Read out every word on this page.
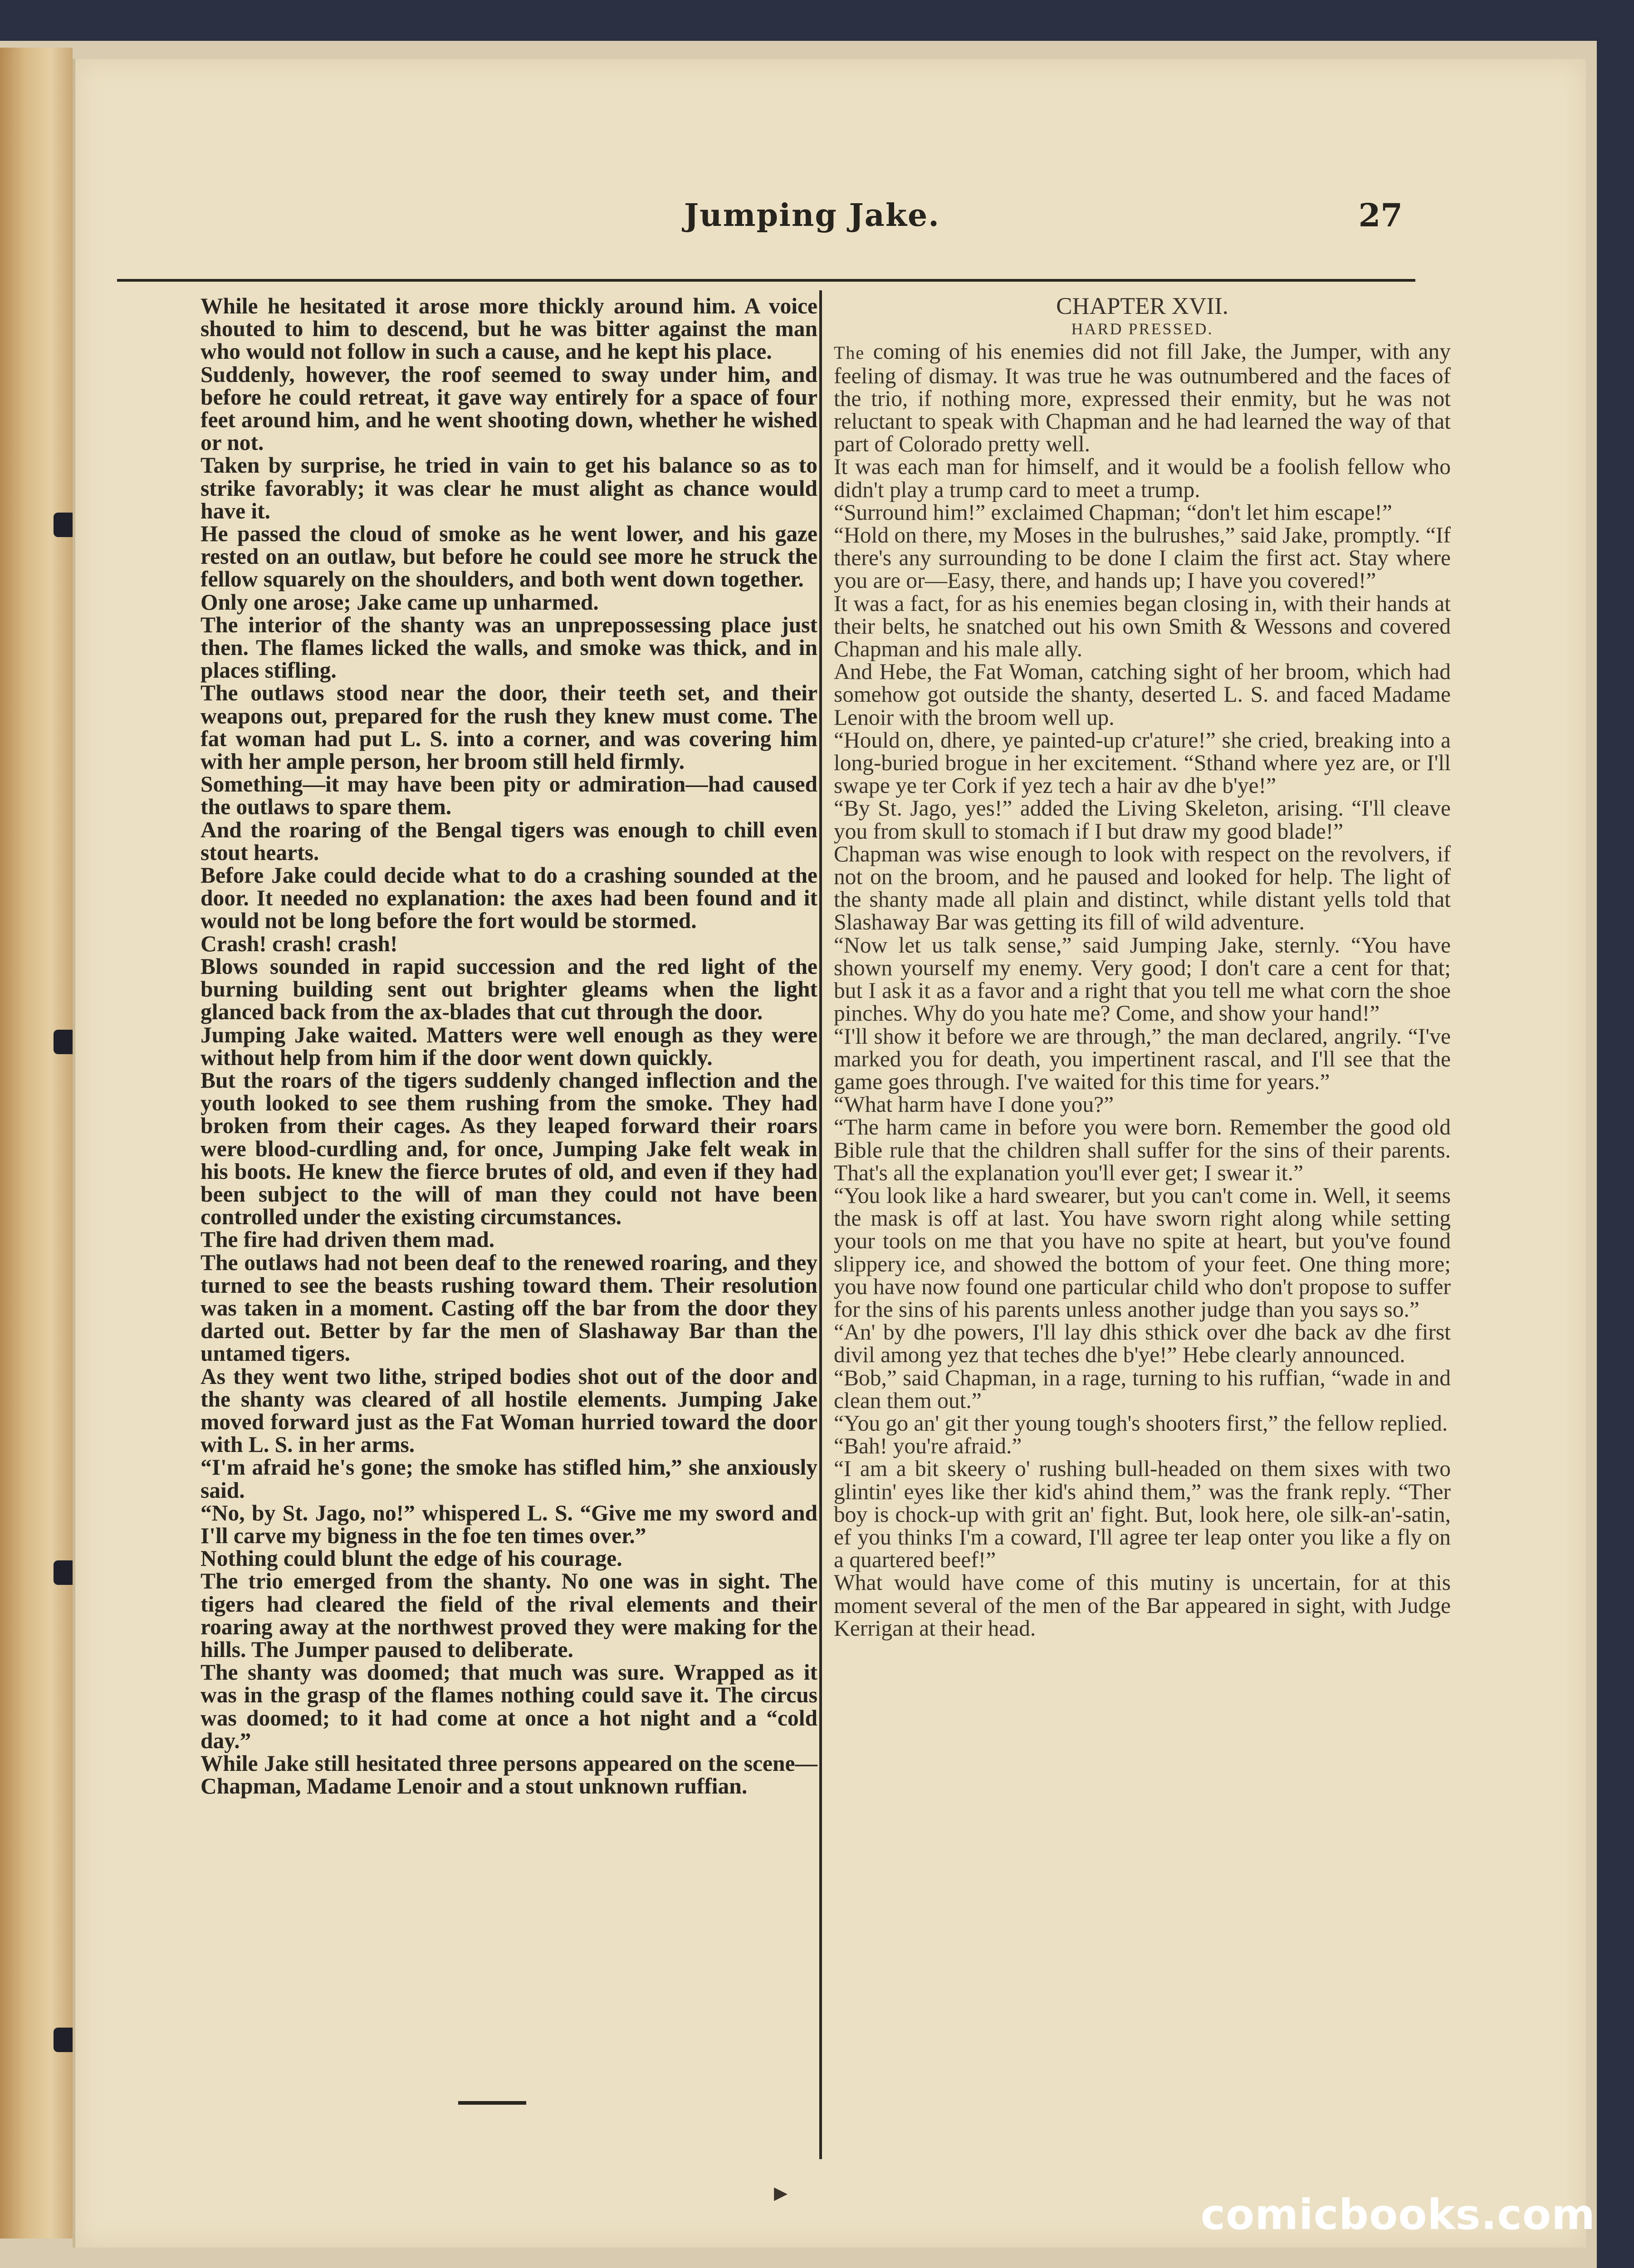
Jumping Jake.	27

While he hesitated it arose more thickly around him. A voice shouted to him to descend, but he was bitter against the man who would not follow in such a cause, and he kept his place.

Suddenly, however, the roof seemed to sway under him, and before he could retreat, it gave way entirely for a space of four feet around him, and he went shooting down, whether he wished or not.

Taken by surprise, he tried in vain to get his balance so as to strike favorably; it was clear he must alight as chance would have it.

He passed the cloud of smoke as he went lower, and his gaze rested on an outlaw, but before he could see more he struck the fellow squarely on the shoulders, and both went down together.

Only one arose; Jake came up unharmed.

The interior of the shanty was an unprepossessing place just then. The flames licked the walls, and smoke was thick, and in places stifling.

The outlaws stood near the door, their teeth set, and their weapons out, prepared for the rush they knew must come. The fat woman had put L. S. into a corner, and was covering him with her ample person, her broom still held firmly.

Something—it may have been pity or admiration—had caused the outlaws to spare them.

And the roaring of the Bengal tigers was enough to chill even stout hearts.

Before Jake could decide what to do a crashing sounded at the door. It needed no explanation: the axes had been found and it would not be long before the fort would be stormed.

Crash! crash! crash!

Blows sounded in rapid succession and the red light of the burning building sent out brighter gleams when the light glanced back from the ax-blades that cut through the door.

Jumping Jake waited. Matters were well enough as they were without help from him if the door went down quickly.

But the roars of the tigers suddenly changed inflection and the youth looked to see them rushing from the smoke. They had broken from their cages. As they leaped forward their roars were blood-curdling and, for once, Jumping Jake felt weak in his boots. He knew the fierce brutes of old, and even if they had been subject to the will of man they could not have been controlled under the existing circumstances.

The fire had driven them mad.

The outlaws had not been deaf to the renewed roaring, and they turned to see the beasts rushing toward them. Their resolution was taken in a moment. Casting off the bar from the door they darted out. Better by far the men of Slashaway Bar than the untamed tigers.

As they went two lithe, striped bodies shot out of the door and the shanty was cleared of all hostile elements. Jumping Jake moved forward just as the Fat Woman hurried toward the door with L. S. in her arms.

“I'm afraid he's gone; the smoke has stifled him,” she anxiously said.

“No, by St. Jago, no!” whispered L. S. “Give me my sword and I'll carve my bigness in the foe ten times over.”

Nothing could blunt the edge of his courage.

The trio emerged from the shanty. No one was in sight. The tigers had cleared the field of the rival elements and their roaring away at the northwest proved they were making for the hills. The Jumper paused to deliberate.

The shanty was doomed; that much was sure. Wrapped as it was in the grasp of the flames nothing could save it. The circus was doomed; to it had come at once a hot night and a “cold day.”

While Jake still hesitated three persons appeared on the scene—Chapman, Madame Lenoir and a stout unknown ruffian.

CHAPTER XVII.

HARD PRESSED.

The coming of his enemies did not fill Jake, the Jumper, with any feeling of dismay. It was true he was outnumbered and the faces of the trio, if nothing more, expressed their enmity, but he was not reluctant to speak with Chapman and he had learned the way of that part of Colorado pretty well.

It was each man for himself, and it would be a foolish fellow who didn't play a trump card to meet a trump.

“Surround him!” exclaimed Chapman; “don't let him escape!”

“Hold on there, my Moses in the bulrushes,” said Jake, promptly. “If there's any surrounding to be done I claim the first act. Stay where you are or—Easy, there, and hands up; I have you covered!”

It was a fact, for as his enemies began closing in, with their hands at their belts, he snatched out his own Smith & Wessons and covered Chapman and his male ally.

And Hebe, the Fat Woman, catching sight of her broom, which had somehow got outside the shanty, deserted L. S. and faced Madame Lenoir with the broom well up.

“Hould on, dhere, ye painted-up cr'ature!” she cried, breaking into a long-buried brogue in her excitement. “Sthand where yez are, or I'll swape ye ter Cork if yez tech a hair av dhe b'ye!”

“By St. Jago, yes!” added the Living Skeleton, arising. “I'll cleave you from skull to stomach if I but draw my good blade!”

Chapman was wise enough to look with respect on the revolvers, if not on the broom, and he paused and looked for help. The light of the shanty made all plain and distinct, while distant yells told that Slashaway Bar was getting its fill of wild adventure.

“Now let us talk sense,” said Jumping Jake, sternly. “You have shown yourself my enemy. Very good; I don't care a cent for that; but I ask it as a favor and a right that you tell me what corn the shoe pinches. Why do you hate me? Come, and show your hand!”

“I'll show it before we are through,” the man declared, angrily. “I've marked you for death, you impertinent rascal, and I'll see that the game goes through. I've waited for this time for years.”

“What harm have I done you?”

“The harm came in before you were born. Remember the good old Bible rule that the children shall suffer for the sins of their parents. That's all the explanation you'll ever get; I swear it.”

“You look like a hard swearer, but you can't come in. Well, it seems the mask is off at last. You have sworn right along while setting your tools on me that you have no spite at heart, but you've found slippery ice, and showed the bottom of your feet. One thing more; you have now found one particular child who don't propose to suffer for the sins of his parents unless another judge than you says so.”

“An' by dhe powers, I'll lay dhis sthick over dhe back av dhe first divil among yez that teches dhe b'ye!” Hebe clearly announced.

“Bob,” said Chapman, in a rage, turning to his ruffian, “wade in and clean them out.”

“You go an' git ther young tough's shooters first,” the fellow replied.

“Bah! you're afraid.”

“I am a bit skeery o' rushing bull-headed on them sixes with two glintin' eyes like ther kid's ahind them,” was the frank reply. “Ther boy is chock-up with grit an' fight. But, look here, ole silk-an'-satin, ef you thinks I'm a coward, I'll agree ter leap onter you like a fly on a quartered beef!”

What would have come of this mutiny is uncertain, for at this moment several of the men of the Bar appeared in sight, with Judge Kerrigan at their head.

▸	comicbooks.com
